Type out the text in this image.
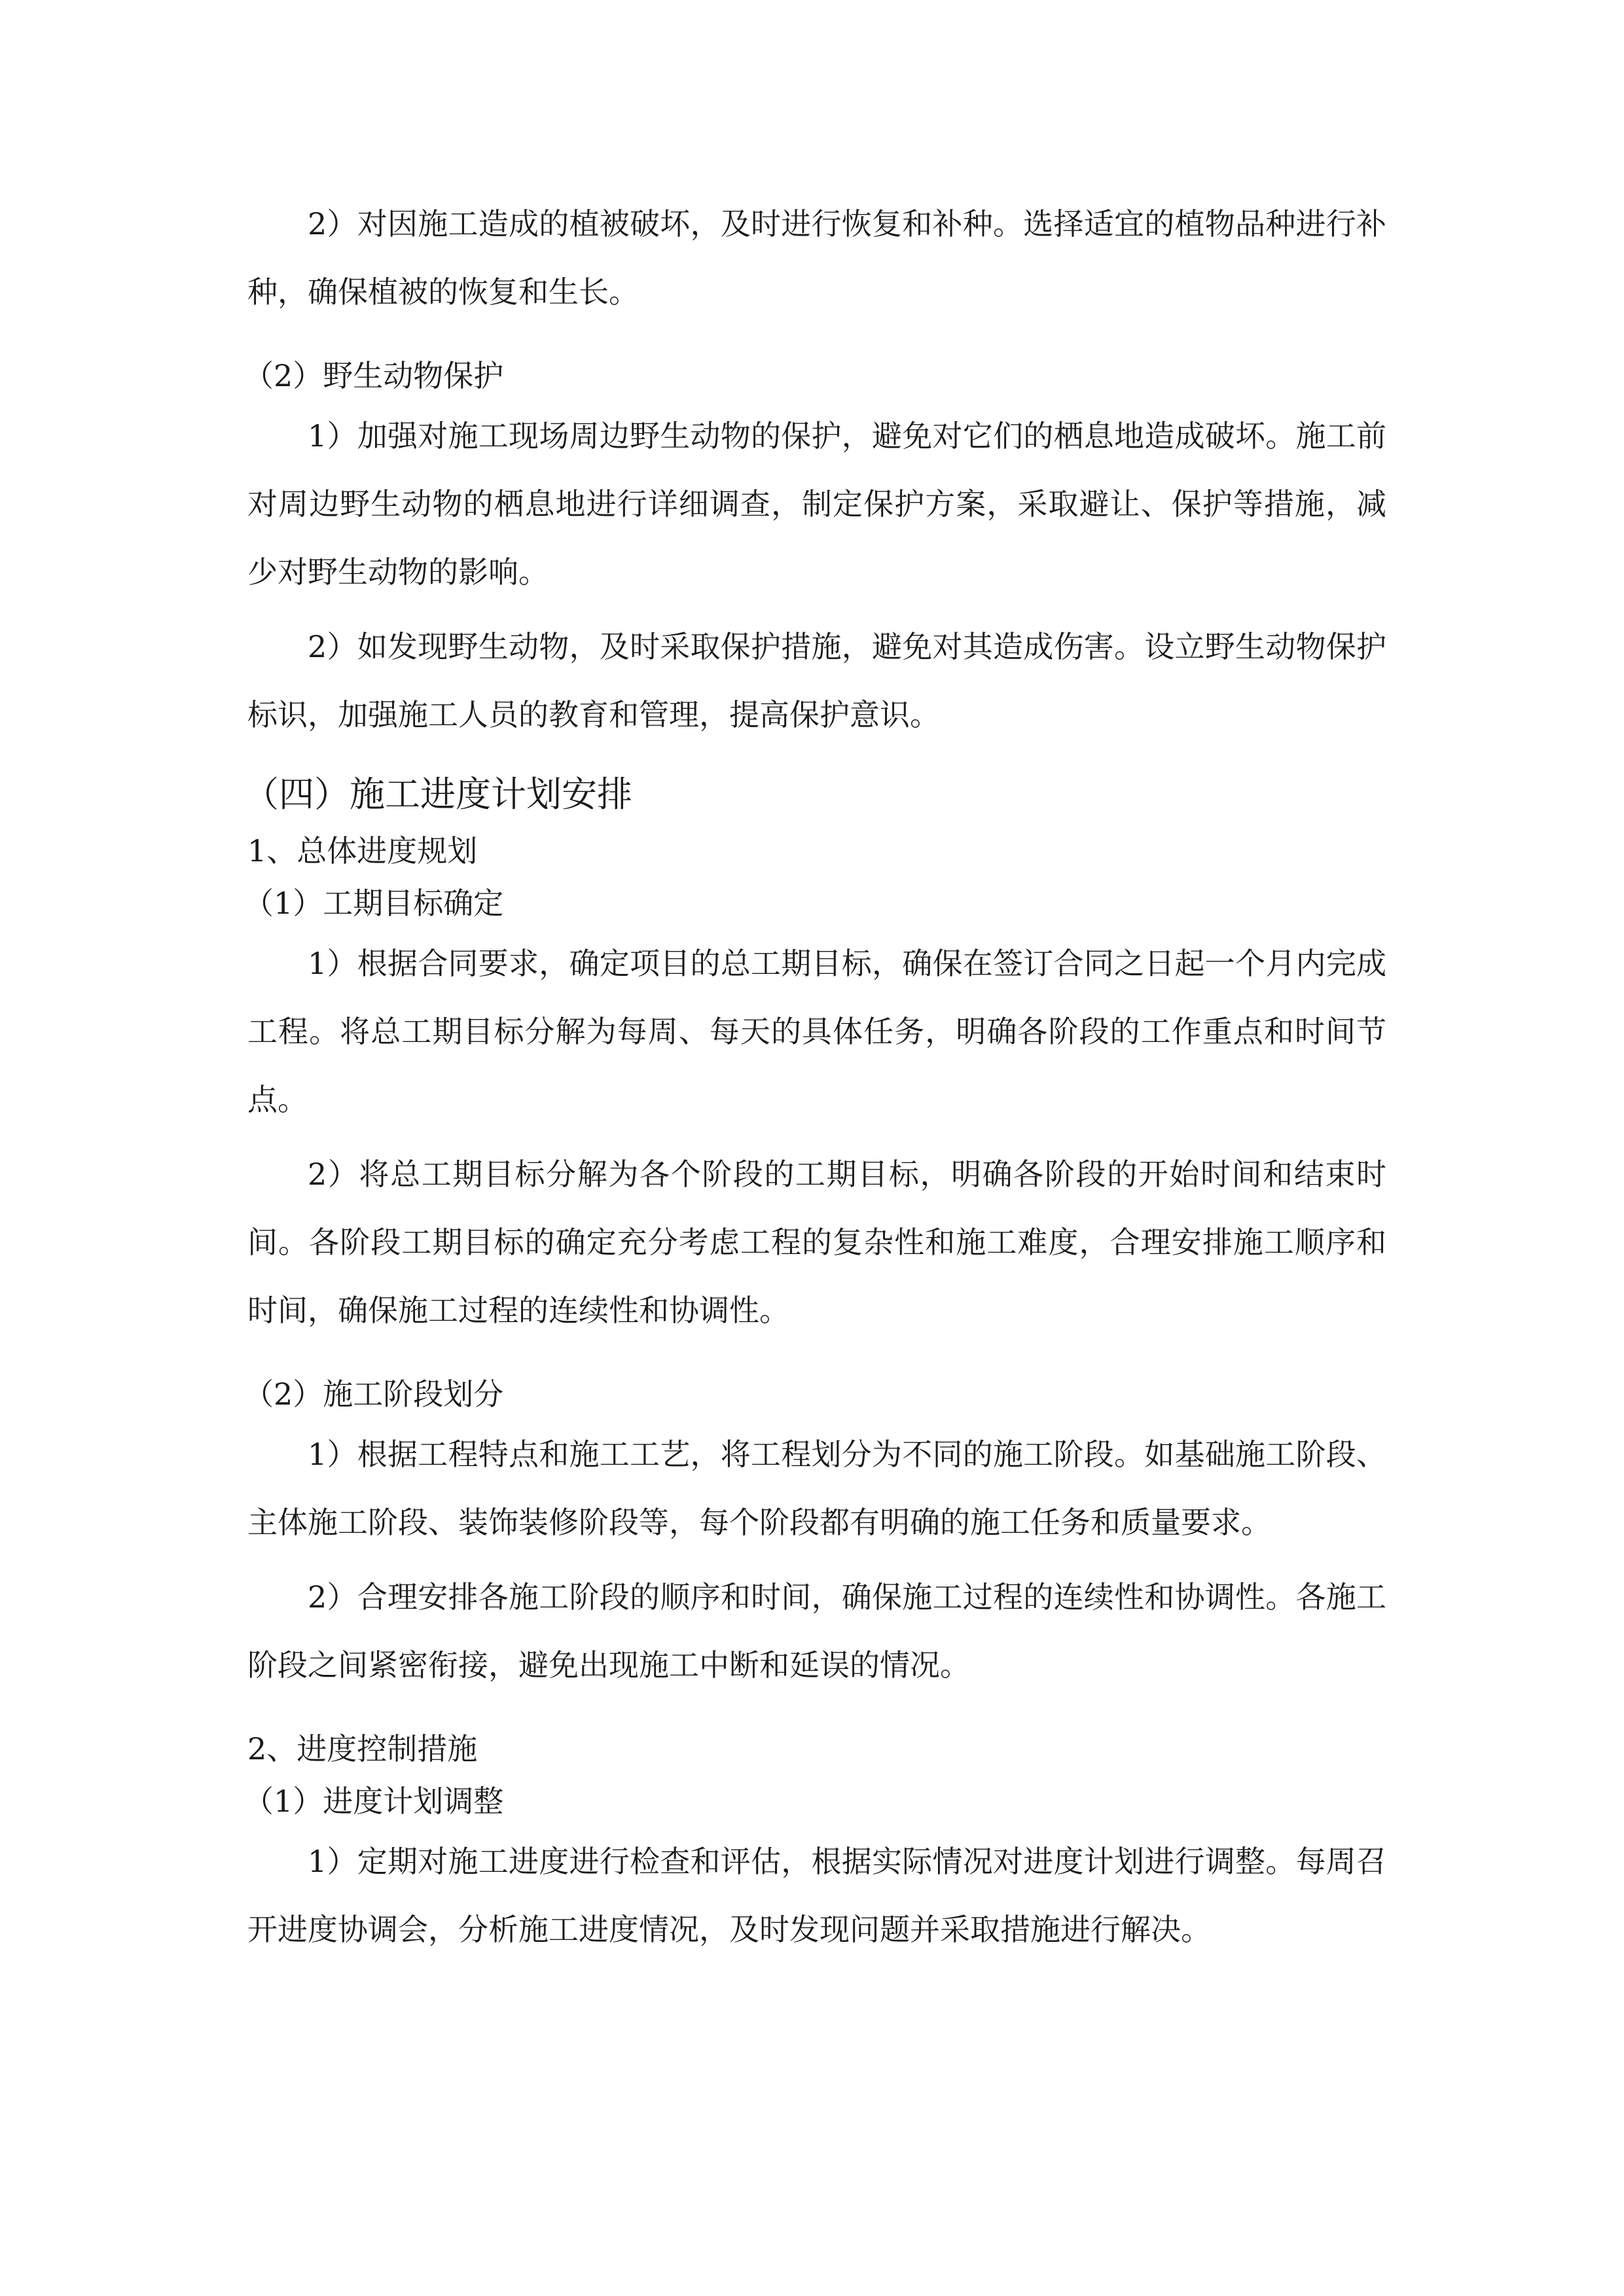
2）对因施工造成的植被破坏，及时进行恢复和补种。选择适宜的植物品种进行补种，确保植被的恢复和生长。

（2）野生动物保护

1）加强对施工现场周边野生动物的保护，避免对它们的栖息地造成破坏。施工前对周边野生动物的栖息地进行详细调查，制定保护方案，采取避让、保护等措施，减少对野生动物的影响。

2）如发现野生动物，及时采取保护措施，避免对其造成伤害。设立野生动物保护标识，加强施工人员的教育和管理，提高保护意识。

（四）施工进度计划安排

1、总体进度规划

（1）工期目标确定

1）根据合同要求，确定项目的总工期目标，确保在签订合同之日起一个月内完成工程。将总工期目标分解为每周、每天的具体任务，明确各阶段的工作重点和时间节点。

2）将总工期目标分解为各个阶段的工期目标，明确各阶段的开始时间和结束时间。各阶段工期目标的确定充分考虑工程的复杂性和施工难度，合理安排施工顺序和时间，确保施工过程的连续性和协调性。

（2）施工阶段划分

1）根据工程特点和施工工艺，将工程划分为不同的施工阶段。如基础施工阶段、主体施工阶段、装饰装修阶段等，每个阶段都有明确的施工任务和质量要求。

2）合理安排各施工阶段的顺序和时间，确保施工过程的连续性和协调性。各施工阶段之间紧密衔接，避免出现施工中断和延误的情况。

2、进度控制措施

（1）进度计划调整

1）定期对施工进度进行检查和评估，根据实际情况对进度计划进行调整。每周召开进度协调会，分析施工进度情况，及时发现问题并采取措施进行解决。
